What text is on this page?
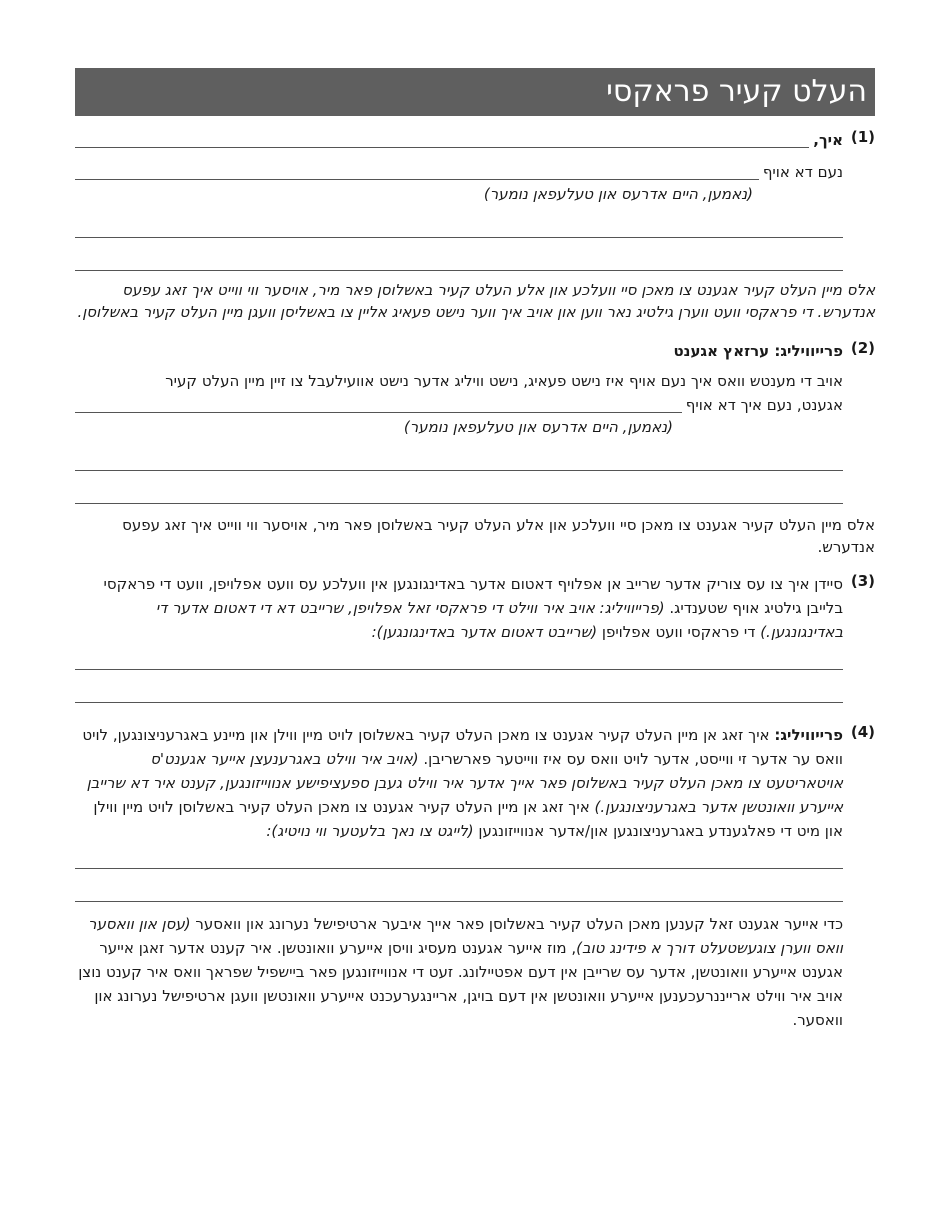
העלט קעיר פראקסי
(1)
איך,
נעם דא אויף
(נאמען, היים אדרעס און טעלעפאן נומער)

אלס מיין העלט קעיר אגענט צו מאכן סיי וועלכע און אלע העלט קעיר באשלוסן פאר מיר, אויסער ווי ווייט איך זאג עפעס אנדערש. די פראקסי וועט ווערן גילטיג נאר ווען און אויב איך ווער נישט פעאיג אליין צו באשליסן וועגן מיין העלט קעיר באשלוסן.

(2)
פרייוויליג: ערזאץ אגענט
אויב די מענטש וואס איך נעם אויף איז נישט פעאיג, נישט וויליג אדער נישט אוועילעבל צו זיין מיין העלט קעיר
אגענט, נעם איך דא אויף
(נאמען, היים אדרעס און טעלעפאן נומער)

אלס מיין העלט קעיר אגענט צו מאכן סיי וועלכע און אלע העלט קעיר באשלוסן פאר מיר, אויסער ווי ווייט איך זאג עפעס אנדערש.

(3)

סיידן איך צו עס צוריק אדער שרייב אן אפלויף דאטום אדער באדינגונגען אין וועלכע עס וועט אפלויפן, וועט די פראקסי בלייבן גילטיג אויף שטענדיג. (פרייוויליג: אויב איר ווילט די פראקסי זאל אפלויפן, שרייבט דא די דאטום אדער די באדינגונגען.) די פראקסי וועט אפלויפן (שרייבט דאטום אדער באדינגונגען):

(4)

פרייוויליג: איך זאג אן מיין העלט קעיר אגענט צו מאכן העלט קעיר באשלוסן לויט מיין ווילן און מיינע באגרעניצונגען, לויט וואס ער אדער זי ווייסט, אדער לויט וואס עס איז ווייטער פארשריבן. (אויב איר ווילט באגרענעצן אייער אגענט'ס אויטאריטעט צו מאכן העלט קעיר באשלוסן פאר אייך אדער איר ווילט געבן ספעציפישע אנווייזונגען, קענט איר דא שרייבן אייערע וואונטשן אדער באגרעניצונגען.) איך זאג אן מיין העלט קעיר אגענט צו מאכן העלט קעיר באשלוסן לויט מיין ווילן און מיט די פאלגענדע באגרעניצונגען און/אדער אנווייזונגען (לייגט צו נאך בלעטער ווי נויטיג):

כדי אייער אגענט זאל קענען מאכן העלט קעיר באשלוסן פאר אייך איבער ארטיפישל נערונג און וואסער (עסן און וואסער וואס ווערן צוגעשטעלט דורך א פידינג טוב), מוז אייער אגענט מעסיג וויסן אייערע וואונטשן. איר קענט אדער זאגן אייער אגענט אייערע וואונטשן, אדער עס שרייבן אין דעם אפטיילונג. זעט די אנווייזונגען פאר ביישפיל שפראך וואס איר קענט נוצן אויב איר ווילט ארייננרעכענען אייערע וואונטשן אין דעם בויגן, אריינגערעכנט אייערע וואונטשן וועגן ארטיפישל נערונג און וואסער.
